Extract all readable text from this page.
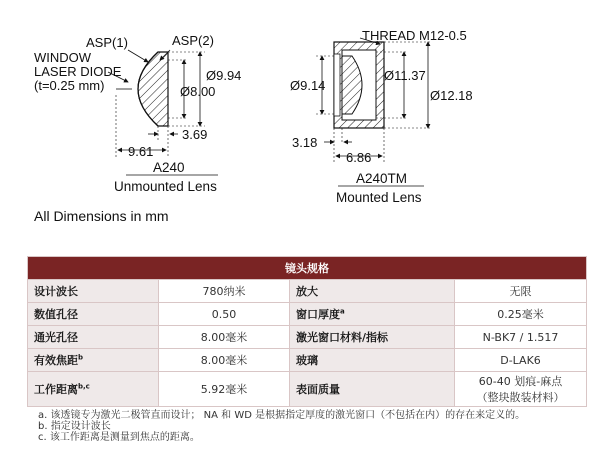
ASP(1)	ASP(2)
WINDOW
LASER DIODE
(t=0.25 mm)
Ø9.94
Ø8.00
3.69
9.61
A240
Unmounted Lens
THREAD M12-0.5
Ø9.14
Ø11.37
Ø12.18
3.18
6.86
A240TM
Mounted Lens
All Dimensions in mm
镜头规格			
设计波长	780纳米	放大	无限
数值孔径	0.50	窗口厚度$^a$	0.25毫米
通光孔径	8.00毫米	激光窗口材料/指标	N-BK7 / 1.517
有效焦距$^b$	8.00毫米	玻璃	D-LAK6
工作距离$^{b,c}$	5.92毫米	表面质量	60-40 划痕-麻点
（整块散装材料）
a. 该透镜专为激光二极管直而设计； NA 和 WD 是根据指定厚度的激光窗口（不包括在内）的存在来定义的。
b. 指定设计波长
c. 该工作距离是测量到焦点的距离。
